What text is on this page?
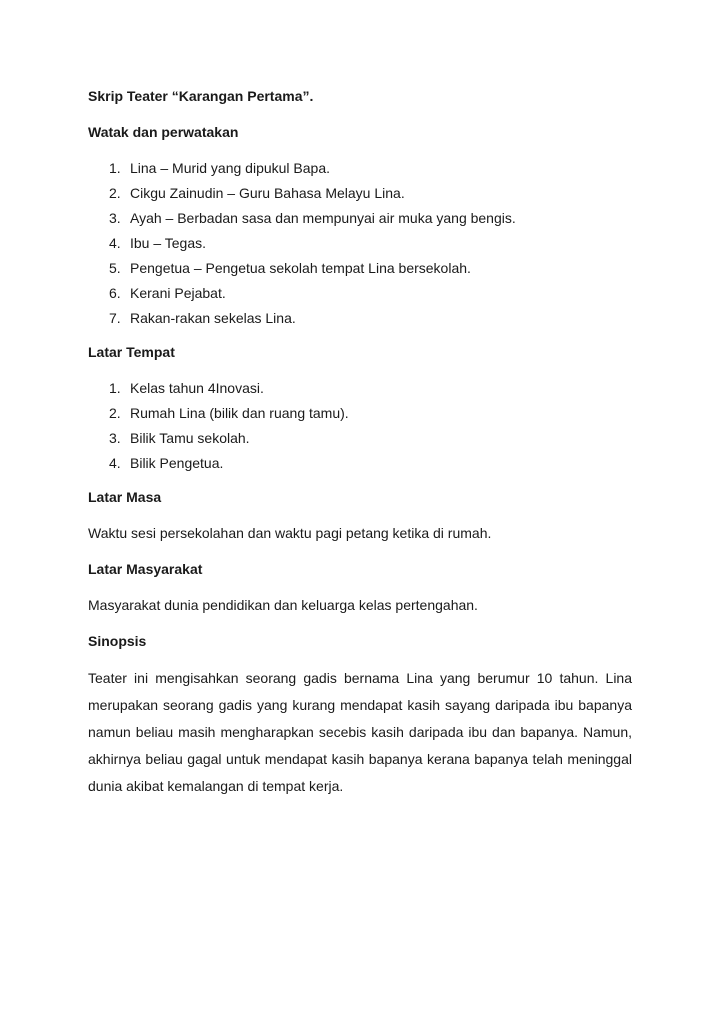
Skrip Teater “Karangan Pertama”.

Watak dan perwatakan

1. Lina – Murid yang dipukul Bapa.
2. Cikgu Zainudin – Guru Bahasa Melayu Lina.
3. Ayah – Berbadan sasa dan mempunyai air muka yang bengis.
4. Ibu – Tegas.
5. Pengetua – Pengetua sekolah tempat Lina bersekolah.
6. Kerani Pejabat.
7. Rakan-rakan sekelas Lina.

Latar Tempat

1. Kelas tahun 4Inovasi.
2. Rumah Lina (bilik dan ruang tamu).
3. Bilik Tamu sekolah.
4. Bilik Pengetua.

Latar Masa

Waktu sesi persekolahan dan waktu pagi petang ketika di rumah.

Latar Masyarakat

Masyarakat dunia pendidikan dan keluarga kelas pertengahan.

Sinopsis

Teater ini mengisahkan seorang gadis bernama Lina yang berumur 10 tahun. Lina merupakan seorang gadis yang kurang mendapat kasih sayang daripada ibu bapanya namun beliau masih mengharapkan secebis kasih daripada ibu dan bapanya. Namun, akhirnya beliau gagal untuk mendapat kasih bapanya kerana bapanya telah meninggal dunia akibat kemalangan di tempat kerja.
